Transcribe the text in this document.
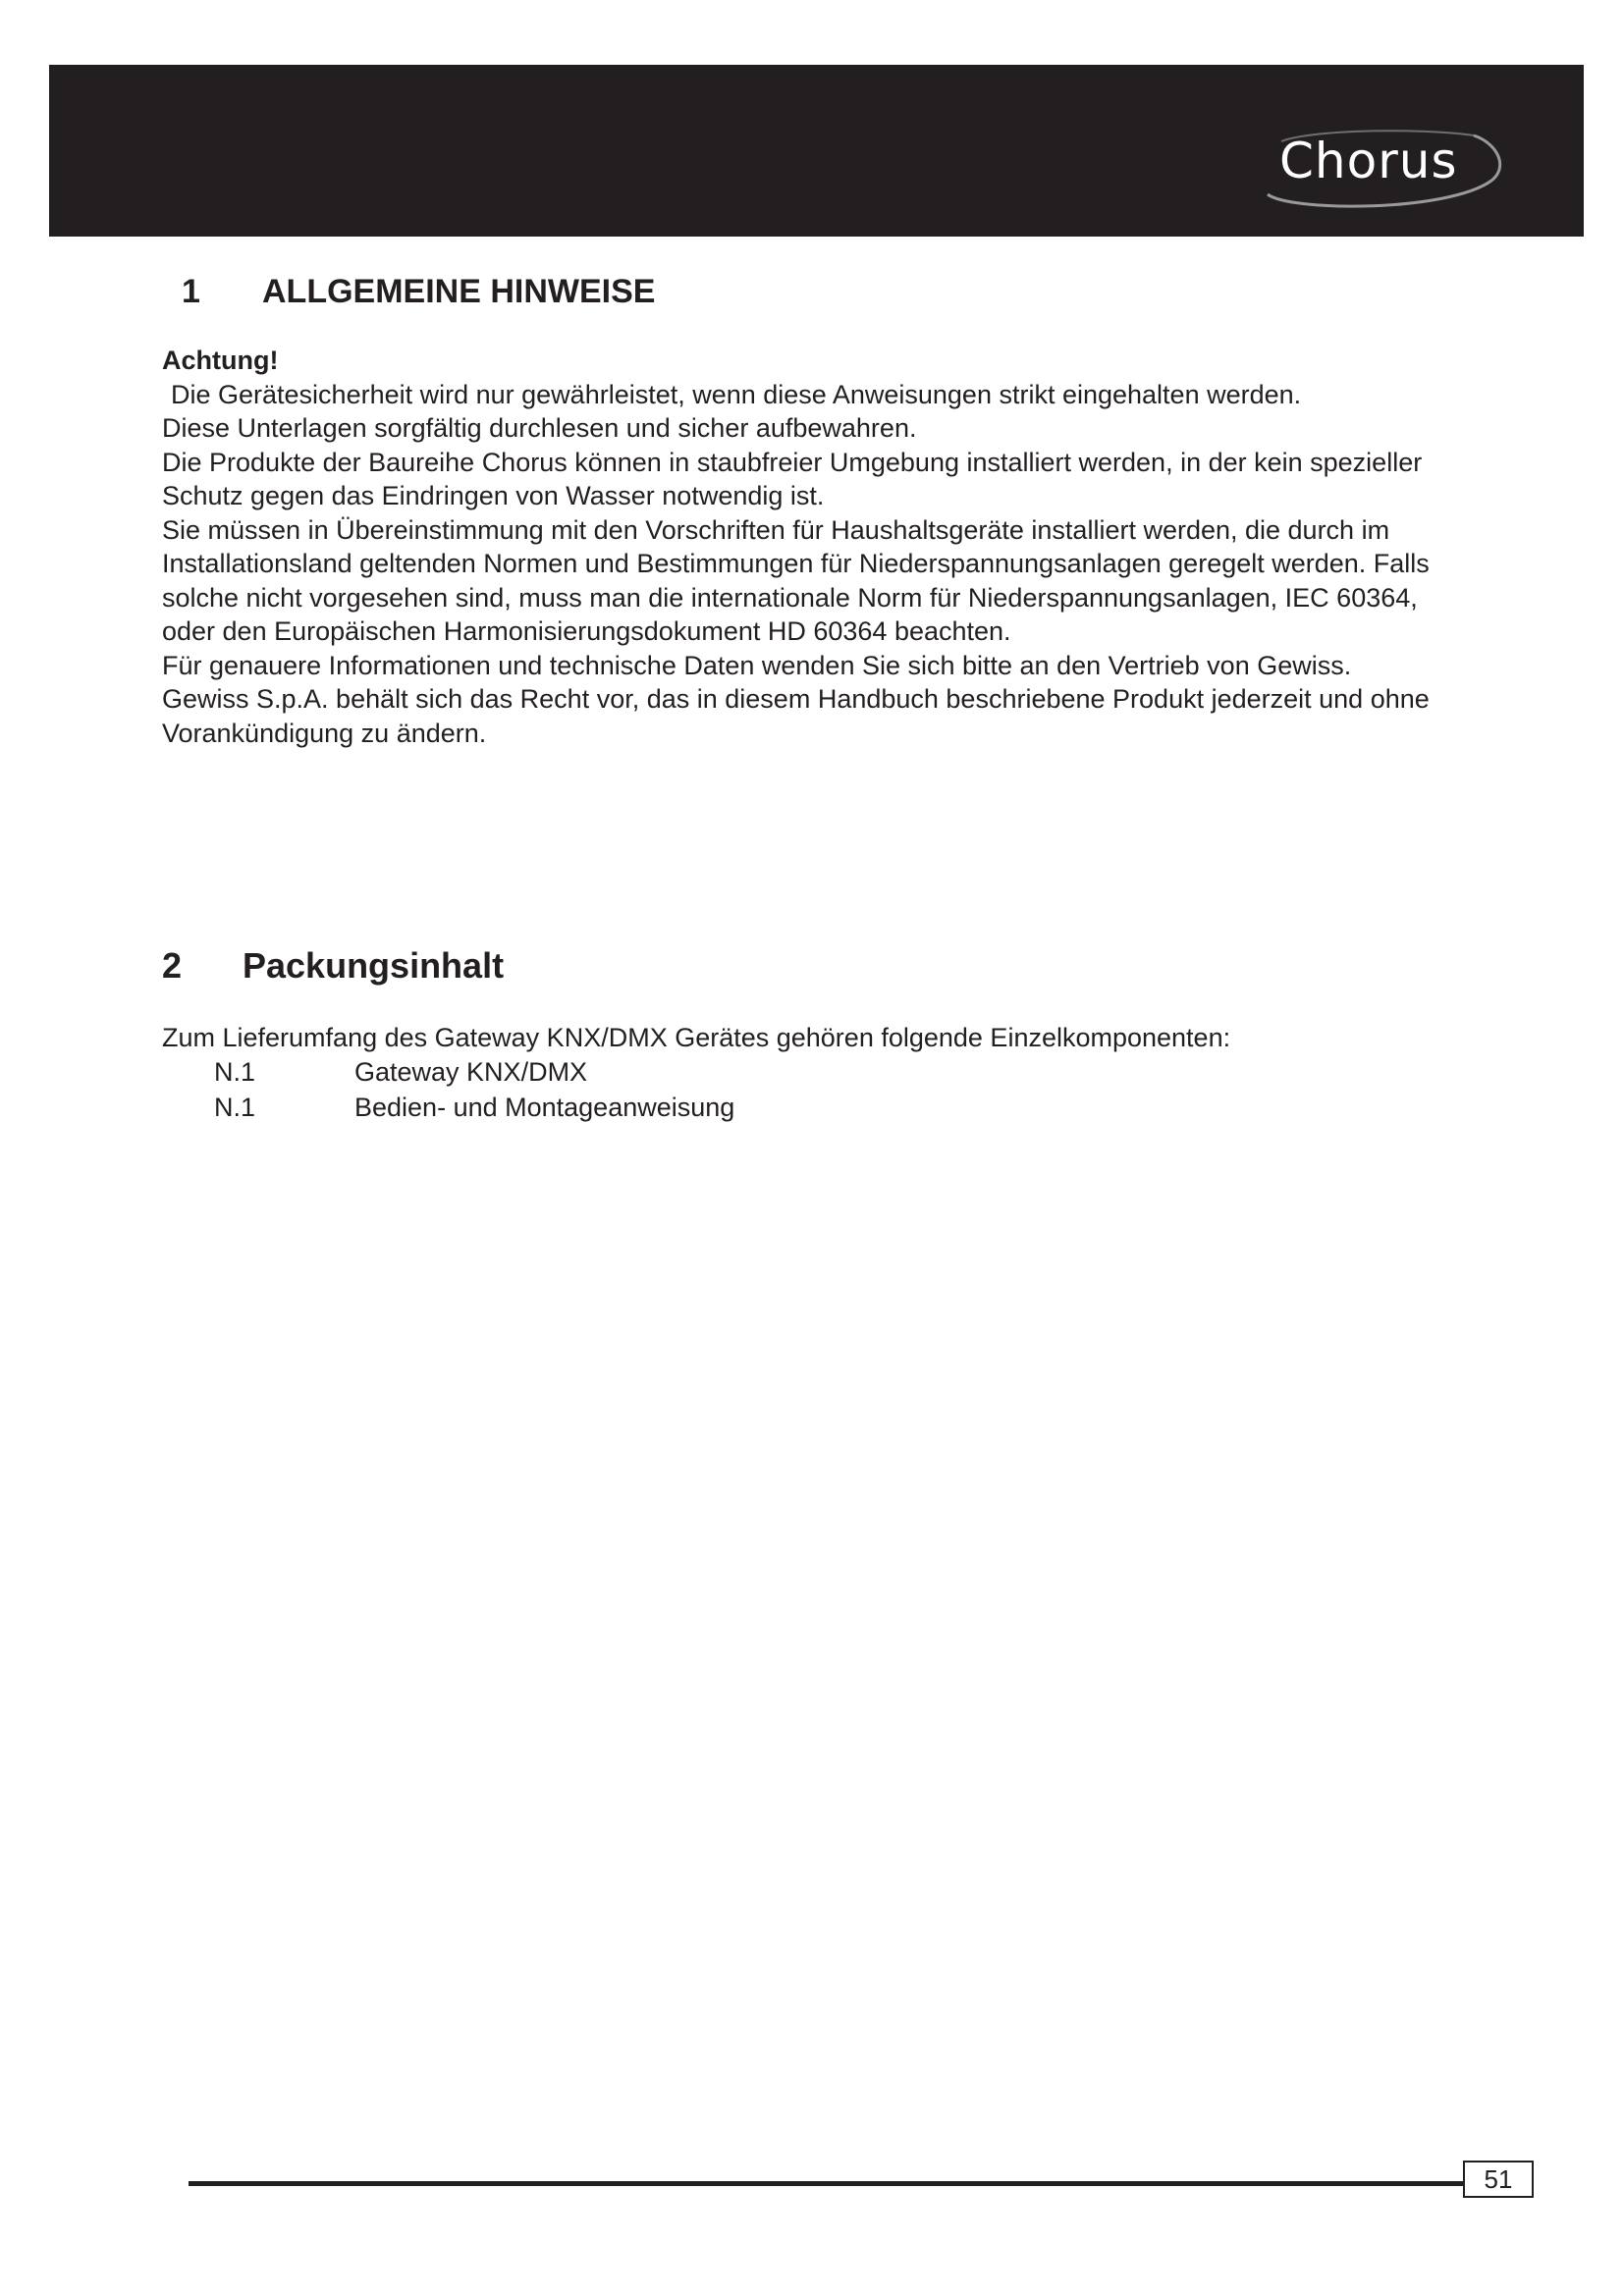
Chorus
1 ALLGEMEINE HINWEISE

Achtung!

Die Gerätesicherheit wird nur gewährleistet, wenn diese Anweisungen strikt eingehalten werden.

Diese Unterlagen sorgfältig durchlesen und sicher aufbewahren.

Die Produkte der Baureihe Chorus können in staubfreier Umgebung installiert werden, in der kein spezieller Schutz gegen das Eindringen von Wasser notwendig ist.

Sie müssen in Übereinstimmung mit den Vorschriften für Haushaltsgeräte installiert werden, die durch im Installationsland geltenden Normen und Bestimmungen für Niederspannungsanlagen geregelt werden. Falls solche nicht vorgesehen sind, muss man die internationale Norm für Niederspannungsanlagen, IEC 60364, oder den Europäischen Harmonisierungsdokument HD 60364 beachten.

Für genauere Informationen und technische Daten wenden Sie sich bitte an den Vertrieb von Gewiss.

Gewiss S.p.A. behält sich das Recht vor, das in diesem Handbuch beschriebene Produkt jederzeit und ohne Vorankündigung zu ändern.

2 Packungsinhalt
Zum Lieferumfang des Gateway KNX/DMX Gerätes gehören folgende Einzelkomponenten:
N.1	Gateway KNX/DMX
N.1	Bedien- und Montageanweisung
51
